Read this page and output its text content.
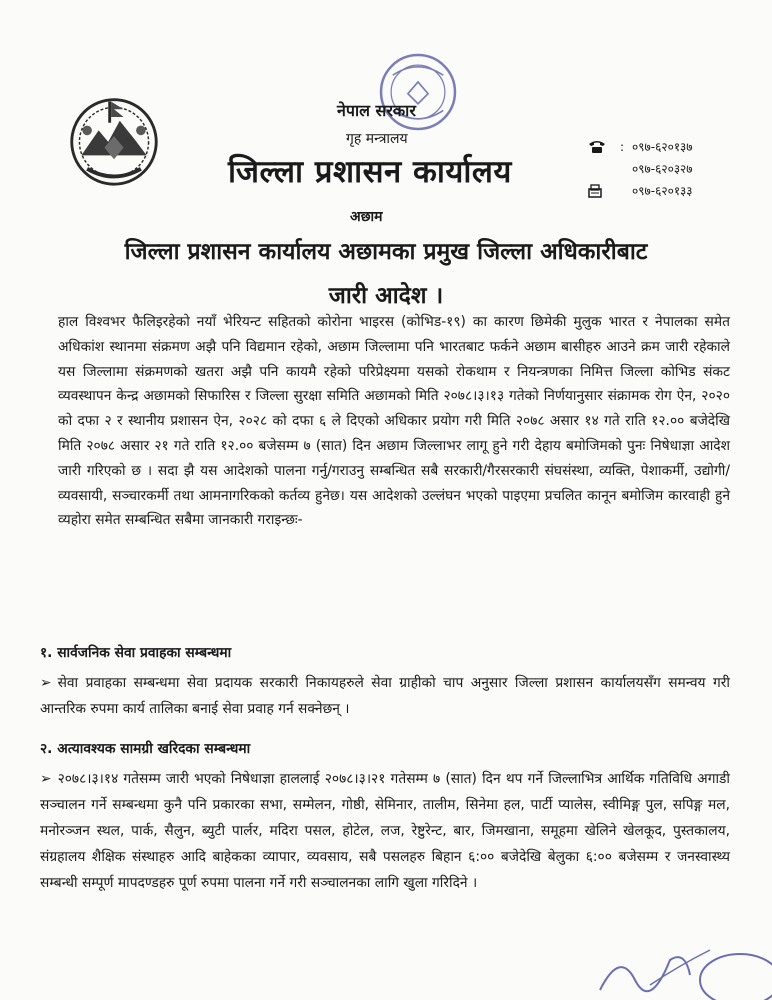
नेपाल सरकार
गृह मन्त्रालय
जिल्ला प्रशासन कार्यालय
: ०९७-६२०१३७
०९७-६२०३२७
०९७-६२०१३३
अछाम
जिल्ला प्रशासन कार्यालय अछामका प्रमुख जिल्ला अधिकारीबाट
जारी आदेश ।

हाल विश्वभर फैलिइरहेको नयाँ भेरियन्ट सहितको कोरोना भाइरस (कोभिड-१९) का कारण छिमेकी मुलुक भारत र नेपालका समेत अधिकांश स्थानमा संक्रमण अझै पनि विद्यमान रहेको, अछाम जिल्लामा पनि भारतबाट फर्कने अछाम बासीहरु आउने क्रम जारी रहेकाले यस जिल्लामा संक्रमणको खतरा अझै पनि कायमै रहेको परिप्रेक्ष्यमा यसको रोकथाम र नियन्त्रणका निमित्त जिल्ला कोभिड संकट व्यवस्थापन केन्द्र अछामको सिफारिस र जिल्ला सुरक्षा समिति अछामको मिति २०७८।३।१३ गतेको निर्णयानुसार संक्रामक रोग ऐन, २०२० को दफा २ र स्थानीय प्रशासन ऐन, २०२८ को दफा ६ ले दिएको अधिकार प्रयोग गरी मिति २०७८ असार १४ गते राति १२.०० बजेदेखि मिति २०७८ असार २१ गते राति १२.०० बजेसम्म ७ (सात) दिन अछाम जिल्लाभर लागू हुने गरी देहाय बमोजिमको पुनः निषेधाज्ञा आदेश जारी गरिएको छ । सदा झै यस आदेशको पालना गर्नु/गराउनु सम्बन्धित सबै सरकारी/गैरसरकारी संघसंस्था, व्यक्ति, पेशाकर्मी, उद्योगी/व्यवसायी, सञ्चारकर्मी तथा आमनागरिकको कर्तव्य हुनेछ। यस आदेशको उल्लंघन भएको पाइएमा प्रचलित कानून बमोजिम कारवाही हुने व्यहोरा समेत सम्बन्धित सबैमा जानकारी गराइन्छः-

१. सार्वजनिक सेवा प्रवाहका सम्बन्धमा

➢ सेवा प्रवाहका सम्बन्धमा सेवा प्रदायक सरकारी निकायहरुले सेवा ग्राहीको चाप अनुसार जिल्ला प्रशासन कार्यालयसँग समन्वय गरी आन्तरिक रुपमा कार्य तालिका बनाई सेवा प्रवाह गर्न सक्नेछन् ।

२. अत्यावश्यक सामग्री खरिदका सम्बन्धमा

➢ २०७८।३।१४ गतेसम्म जारी भएको निषेधाज्ञा हाललाई २०७८।३।२१ गतेसम्म ७ (सात) दिन थप गर्ने जिल्लाभित्र आर्थिक गतिविधि अगाडी सञ्चालन गर्ने सम्बन्धमा कुनै पनि प्रकारका सभा, सम्मेलन, गोष्ठी, सेमिनार, तालीम, सिनेमा हल, पार्टी प्यालेस, स्वीमिङ्ग पुल, सपिङ्ग मल, मनोरञ्जन स्थल, पार्क, सैलुन, ब्युटी पार्लर, मदिरा पसल, होटेल, लज, रेष्टुरेन्ट, बार, जिमखाना, समूहमा खेलिने खेलकूद, पुस्तकालय, संग्रहालय शैक्षिक संस्थाहरु आदि बाहेकका व्यापार, व्यवसाय, सबै पसलहरु बिहान ६:०० बजेदेखि बेलुका ६:०० बजेसम्म र जनस्वास्थ्य सम्बन्धी सम्पूर्ण मापदण्डहरु पूर्ण रुपमा पालना गर्ने गरी सञ्चालनका लागि खुला गरिदिने ।
